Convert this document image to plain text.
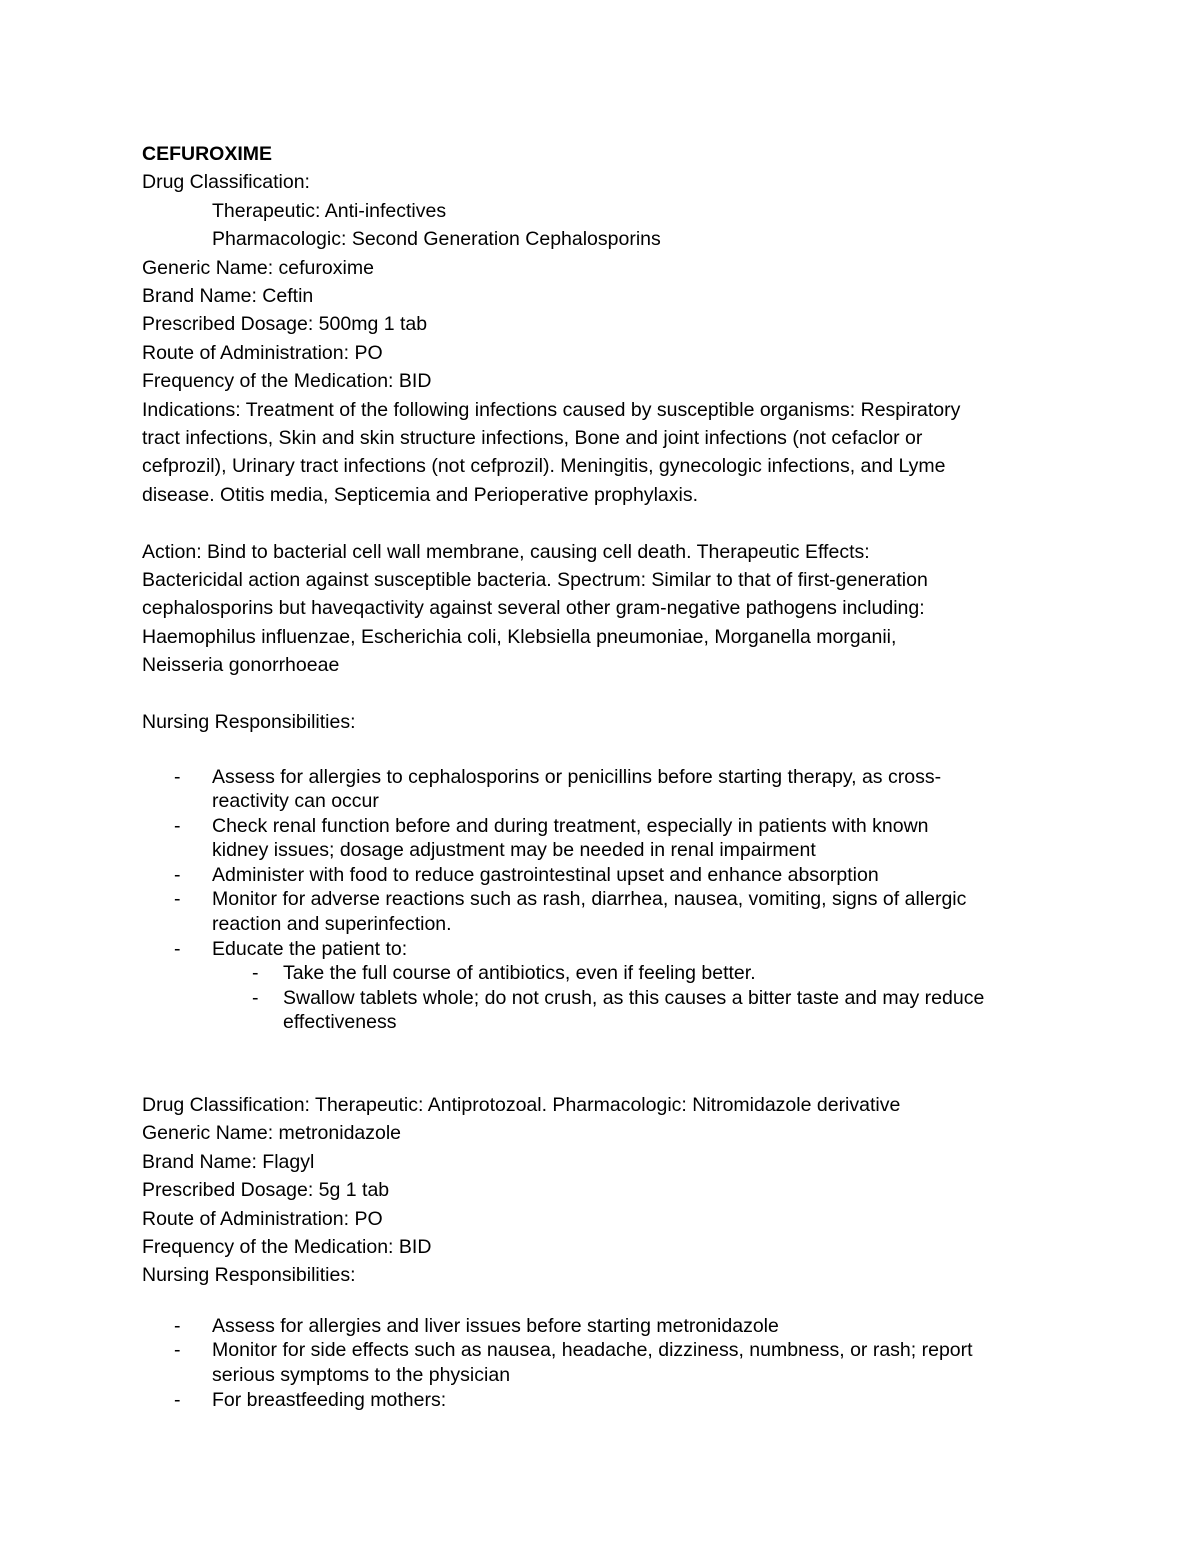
CEFUROXIME

Drug Classification:

Therapeutic: Anti-infectives

Pharmacologic: Second Generation Cephalosporins

Generic Name: cefuroxime

Brand Name: Ceftin

Prescribed Dosage: 500mg 1 tab

Route of Administration: PO

Frequency of the Medication: BID

Indications: Treatment of the following infections caused by susceptible organisms: Respiratory

tract infections, Skin and skin structure infections, Bone and joint infections (not cefaclor or

cefprozil), Urinary tract infections (not cefprozil). Meningitis, gynecologic infections, and Lyme

disease. Otitis media, Septicemia and Perioperative prophylaxis.

Action: Bind to bacterial cell wall membrane, causing cell death. Therapeutic Effects:

Bactericidal action against susceptible bacteria. Spectrum: Similar to that of first-generation

cephalosporins but haveqactivity against several other gram-negative pathogens including:

Haemophilus influenzae, Escherichia coli, Klebsiella pneumoniae, Morganella morganii,

Neisseria gonorrhoeae

Nursing Responsibilities:

- Assess for allergies to cephalosporins or penicillins before starting therapy, as cross-
reactivity can occur
- Check renal function before and during treatment, especially in patients with known
kidney issues; dosage adjustment may be needed in renal impairment
- Administer with food to reduce gastrointestinal upset and enhance absorption
- Monitor for adverse reactions such as rash, diarrhea, nausea, vomiting, signs of allergic
reaction and superinfection.
- Educate the patient to:
- Take the full course of antibiotics, even if feeling better.
- Swallow tablets whole; do not crush, as this causes a bitter taste and may reduce
effectiveness

Drug Classification: Therapeutic: Antiprotozoal. Pharmacologic: Nitromidazole derivative

Generic Name: metronidazole

Brand Name: Flagyl

Prescribed Dosage: 5g 1 tab

Route of Administration: PO

Frequency of the Medication: BID

Nursing Responsibilities:

- Assess for allergies and liver issues before starting metronidazole
- Monitor for side effects such as nausea, headache, dizziness, numbness, or rash; report
serious symptoms to the physician
- For breastfeeding mothers:
